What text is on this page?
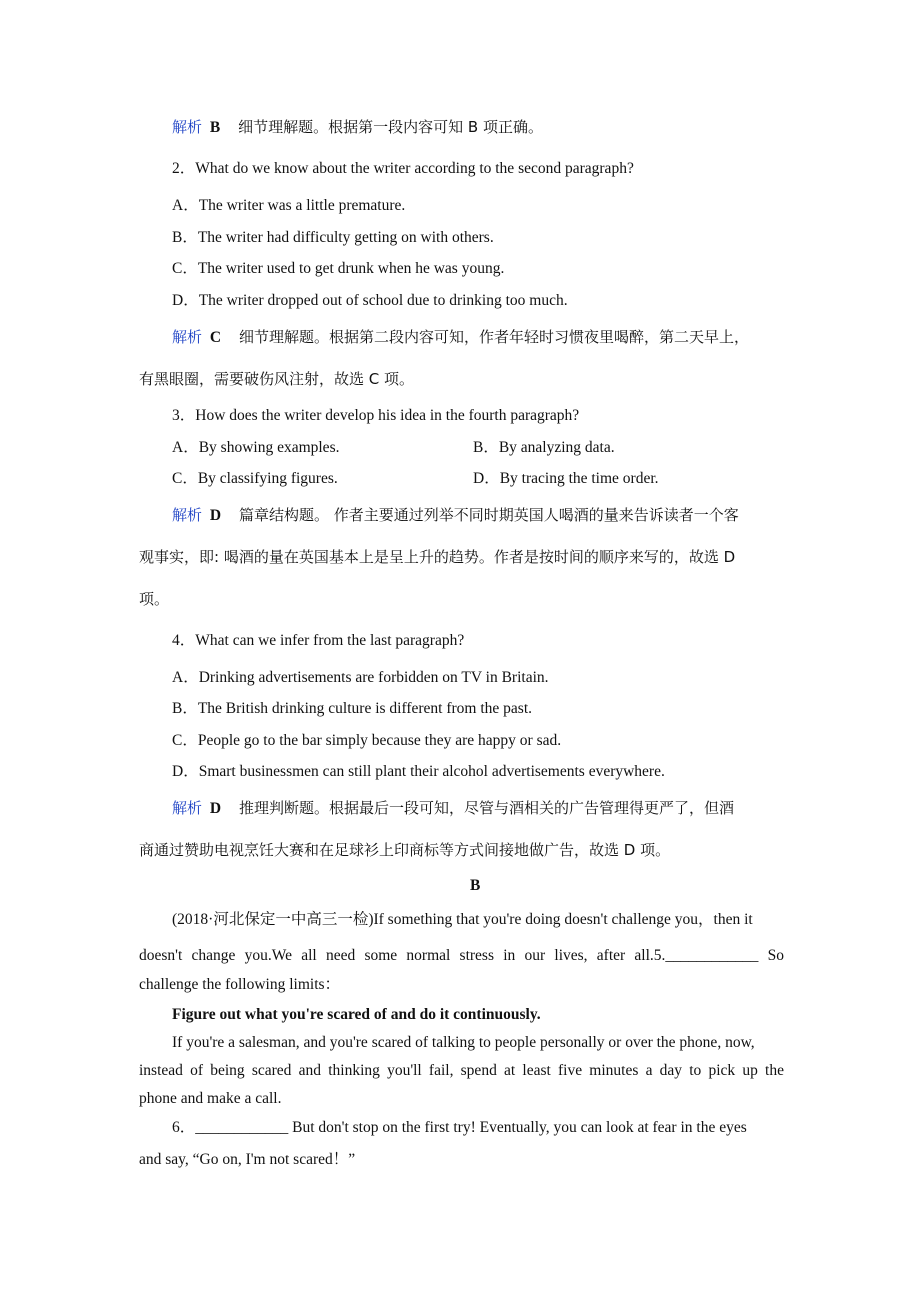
解析 B 细节理解题。根据第一段内容可知 B 项正确。
2．What do we know about the writer according to the second paragraph?
A．The writer was a little premature.
B．The writer had difficulty getting on with others.
C．The writer used to get drunk when he was young.
D．The writer dropped out of school due to drinking too much.
解析 C 细节理解题。根据第二段内容可知，作者年轻时习惯夜里喝醉，第二天早上，
有黑眼圈，需要破伤风注射，故选 C 项。
3．How does the writer develop his idea in the fourth paragraph?
A．By showing examples.	B．By analyzing data.
C．By classifying figures.	D．By tracing the time order.
解析 D 篇章结构题。 作者主要通过列举不同时期英国人喝酒的量来告诉读者一个客
观事实，即: 喝酒的量在英国基本上是呈上升的趋势。作者是按时间的顺序来写的，故选 D
项。
4．What can we infer from the last paragraph?
A．Drinking advertisements are forbidden on TV in Britain.
B．The British drinking culture is different from the past.
C．People go to the bar simply because they are happy or sad.
D．Smart businessmen can still plant their alcohol advertisements everywhere.
解析 D 推理判断题。根据最后一段可知，尽管与酒相关的广告管理得更严了，但酒
商通过赞助电视烹饪大赛和在足球衫上印商标等方式间接地做广告，故选 D 项。
B
(2018·河北保定一中高三一检)If something that you're doing doesn't challenge you，then it
doesn't change you.We all need some normal stress in our lives, after all.5.____________ So
challenge the following limits：
Figure out what you're scared of and do it continuously.
If you're a salesman, and you're scared of talking to people personally or over the phone, now,
instead of being scared and thinking you'll fail, spend at least five minutes a day to pick up the
phone and make a call.
6．____________ But don't stop on the first try! Eventually, you can look at fear in the eyes
and say, “Go on, I'm not scared！”
